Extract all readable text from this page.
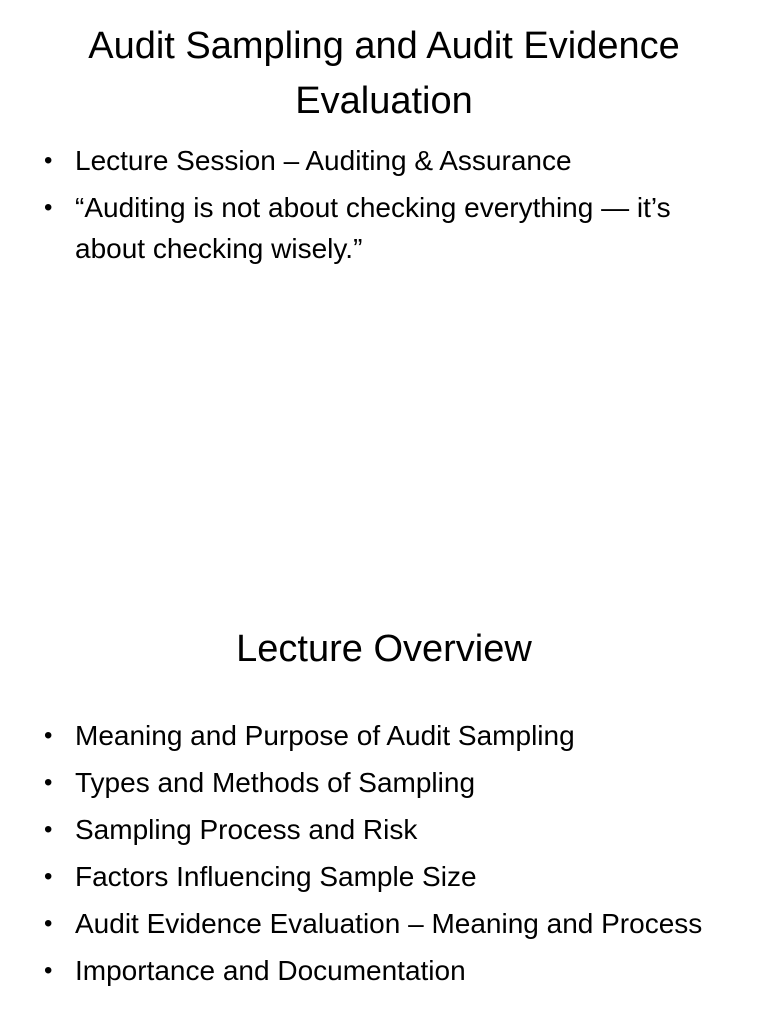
Audit Sampling and Audit Evidence Evaluation
• Lecture Session – Auditing & Assurance
• “Auditing is not about checking everything — it’s about checking wisely.”
Lecture Overview
• Meaning and Purpose of Audit Sampling
• Types and Methods of Sampling
• Sampling Process and Risk
• Factors Influencing Sample Size
• Audit Evidence Evaluation – Meaning and Process
• Importance and Documentation
